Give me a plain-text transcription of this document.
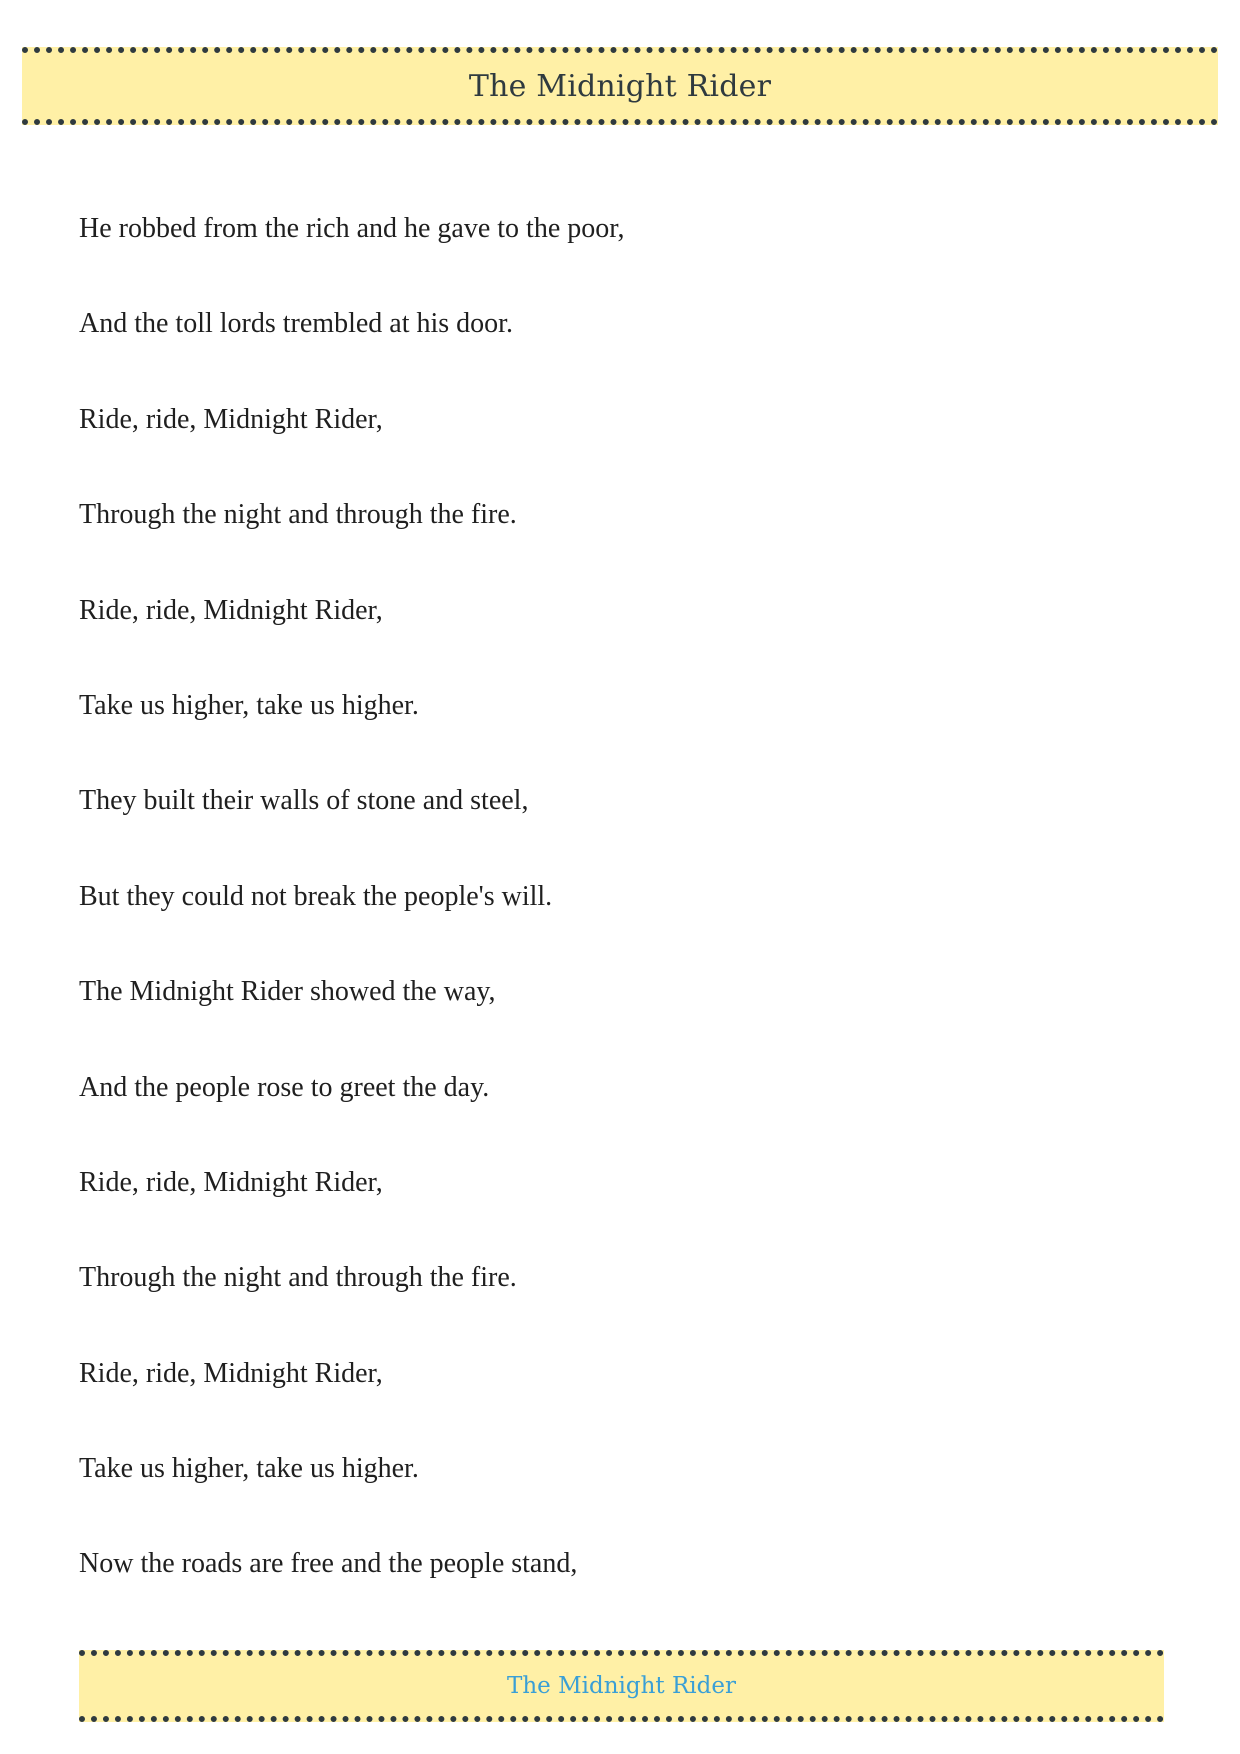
The Midnight Rider
He robbed from the rich and he gave to the poor,
And the toll lords trembled at his door.
Ride, ride, Midnight Rider,
Through the night and through the fire.
Ride, ride, Midnight Rider,
Take us higher, take us higher.
They built their walls of stone and steel,
But they could not break the people's will.
The Midnight Rider showed the way,
And the people rose to greet the day.
Ride, ride, Midnight Rider,
Through the night and through the fire.
Ride, ride, Midnight Rider,
Take us higher, take us higher.
Now the roads are free and the people stand,
The Midnight Rider
